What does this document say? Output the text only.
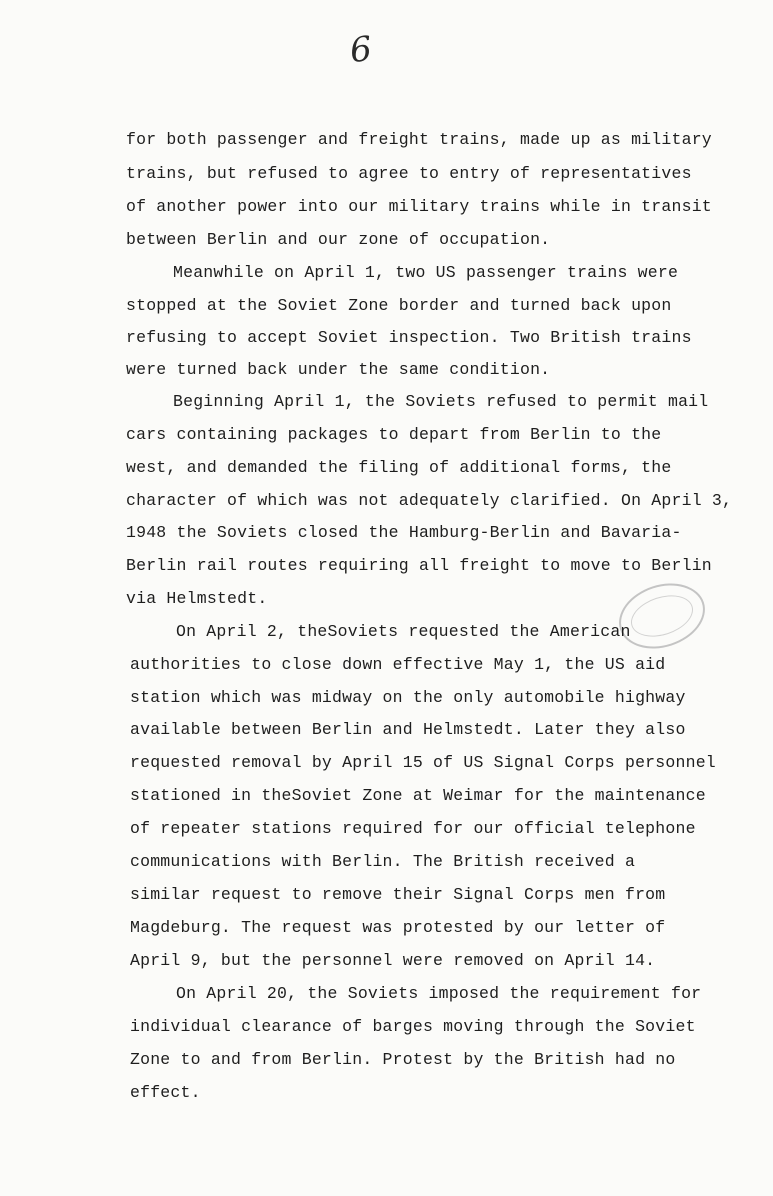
6
for both passenger and freight trains, made up as military
trains, but refused to agree to entry of representatives
of another power into our military trains while in transit
between Berlin and our zone of occupation.
Meanwhile on April 1, two US passenger trains were
stopped at the Soviet Zone border and turned back upon
refusing to accept Soviet inspection. Two British trains
were turned back under the same condition.
Beginning April 1, the Soviets refused to permit mail
cars containing packages to depart from Berlin to the
west, and demanded the filing of additional forms, the
character of which was not adequately clarified. On April 3,
1948 the Soviets closed the Hamburg-Berlin and Bavaria-
Berlin rail routes requiring all freight to move to Berlin
via Helmstedt.
On April 2, theSoviets requested the American
authorities to close down effective May 1, the US aid
station which was midway on the only automobile highway
available between Berlin and Helmstedt. Later they also
requested removal by April 15 of US Signal Corps personnel
stationed in theSoviet Zone at Weimar for the maintenance
of repeater stations required for our official telephone
communications with Berlin. The British received a
similar request to remove their Signal Corps men from
Magdeburg. The request was protested by our letter of
April 9, but the personnel were removed on April 14.
On April 20, the Soviets imposed the requirement for
individual clearance of barges moving through the Soviet
Zone to and from Berlin. Protest by the British had no
effect.
